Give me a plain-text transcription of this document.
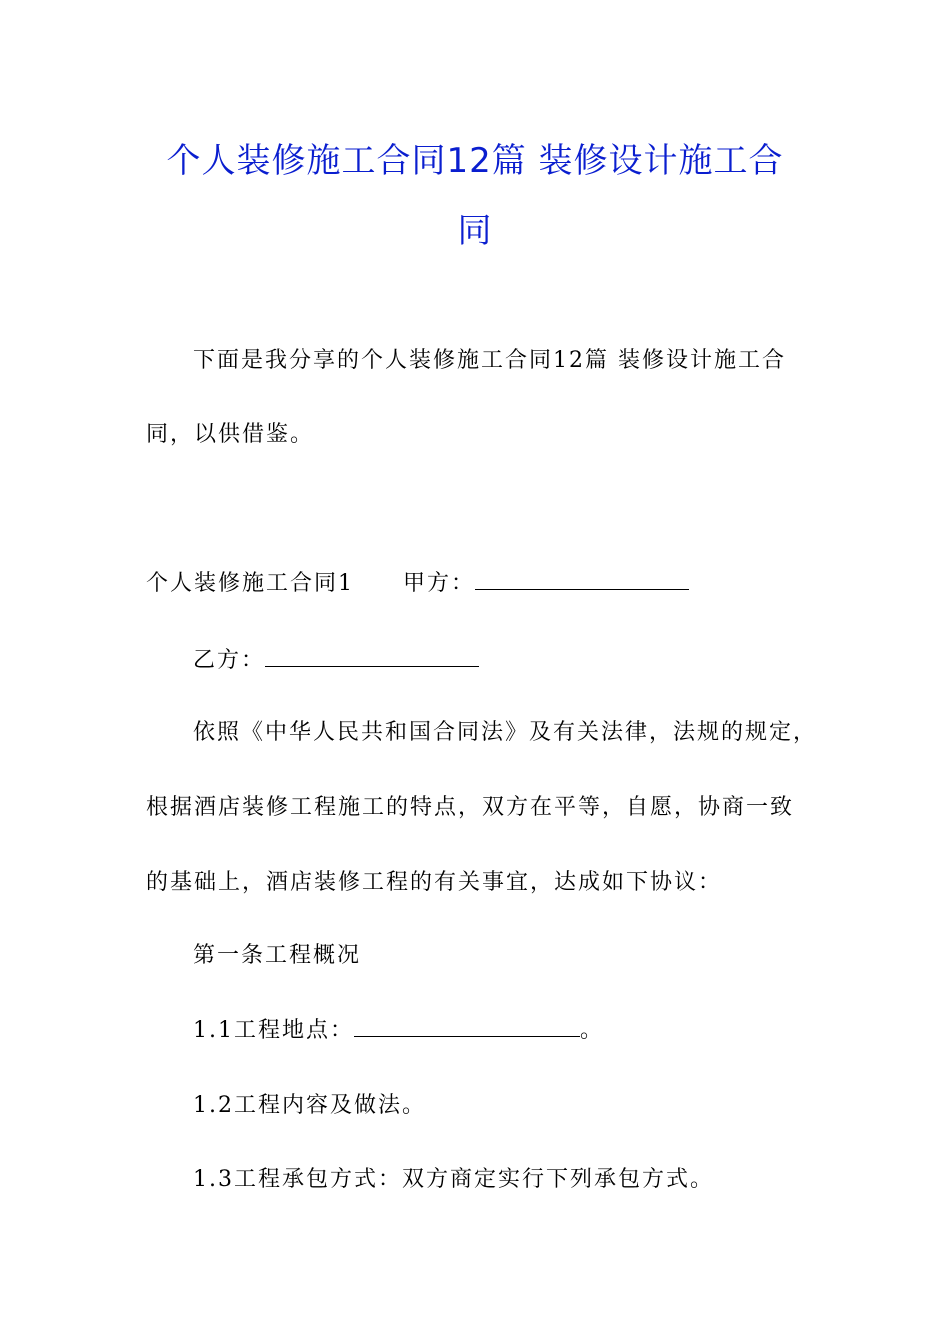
个人装修施工合同12篇 装修设计施工合
同
下面是我分享的个人装修施工合同12篇 装修设计施工合
同，以供借鉴。
个人装修施工合同1 甲方：
乙方：
依照《中华人民共和国合同法》及有关法律，法规的规定，
根据酒店装修工程施工的特点，双方在平等，自愿，协商一致
的基础上，酒店装修工程的有关事宜，达成如下协议：
第一条工程概况
1.1工程地点：	。
1.2工程内容及做法。
1.3工程承包方式：双方商定实行下列承包方式。
